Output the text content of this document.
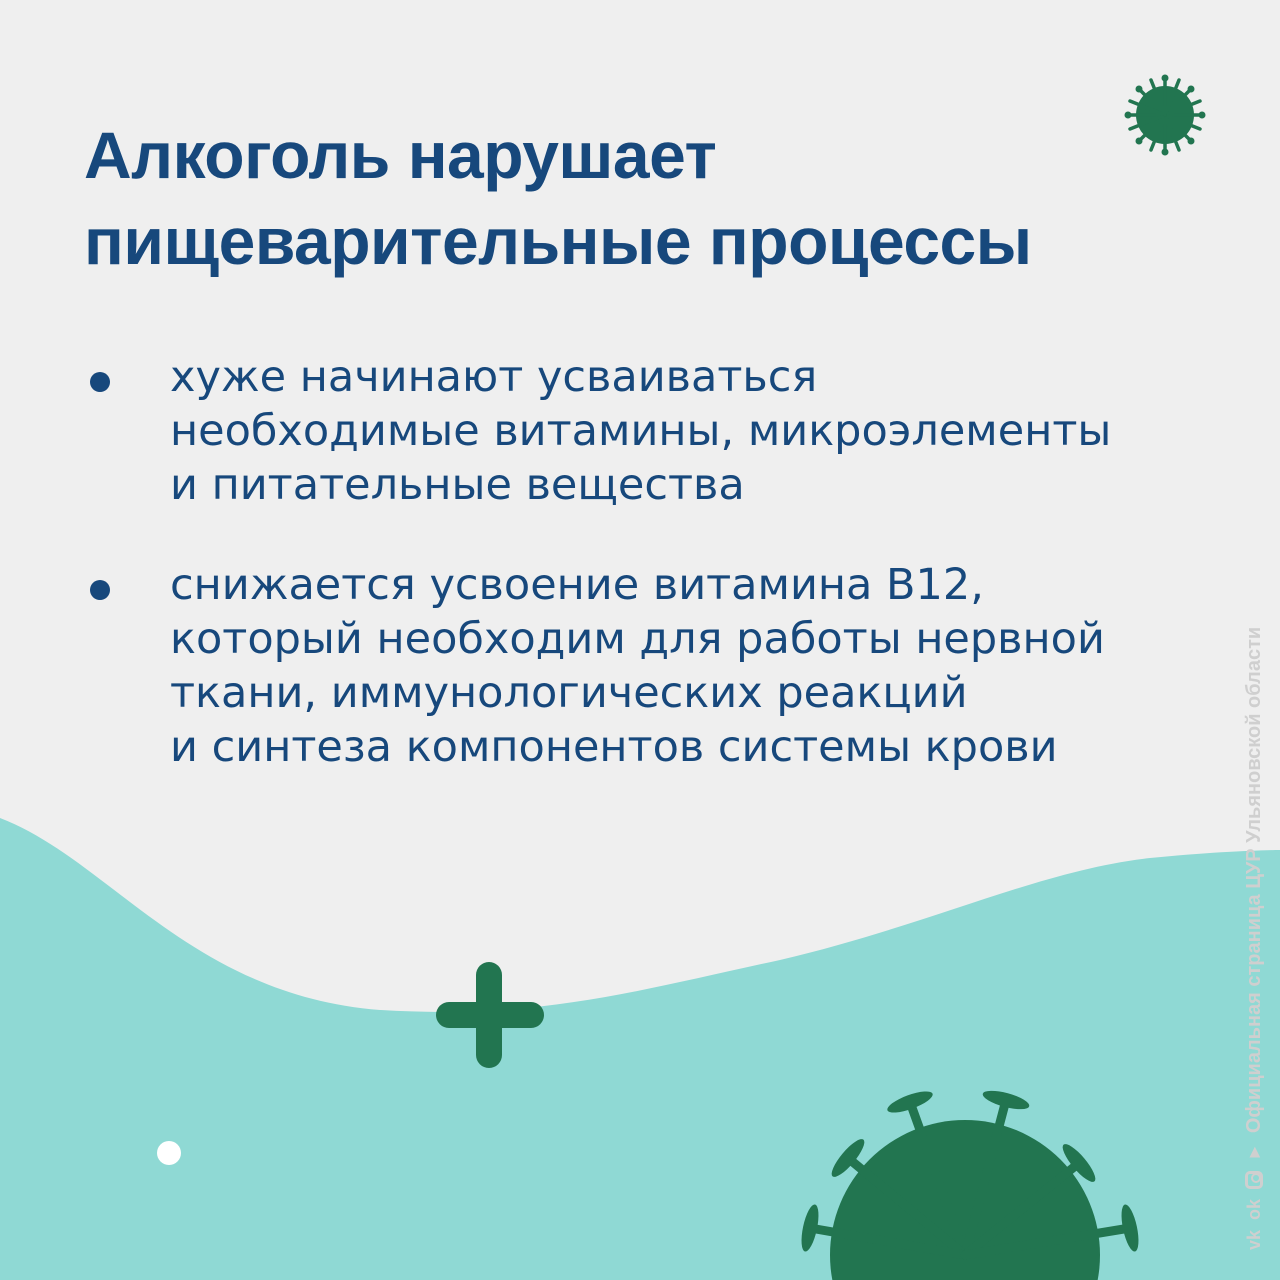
Алкоголь нарушает
пищеварительные процессы
хуже начинают усваиваться
необходимые витамины, микроэлементы
и питательные вещества
снижается усвоение витамина B12,
который необходим для работы нервной
ткани, иммунологических реакций
и синтеза компонентов системы крови
vk
ok
►
Официальная страница ЦУР Ульяновской области
